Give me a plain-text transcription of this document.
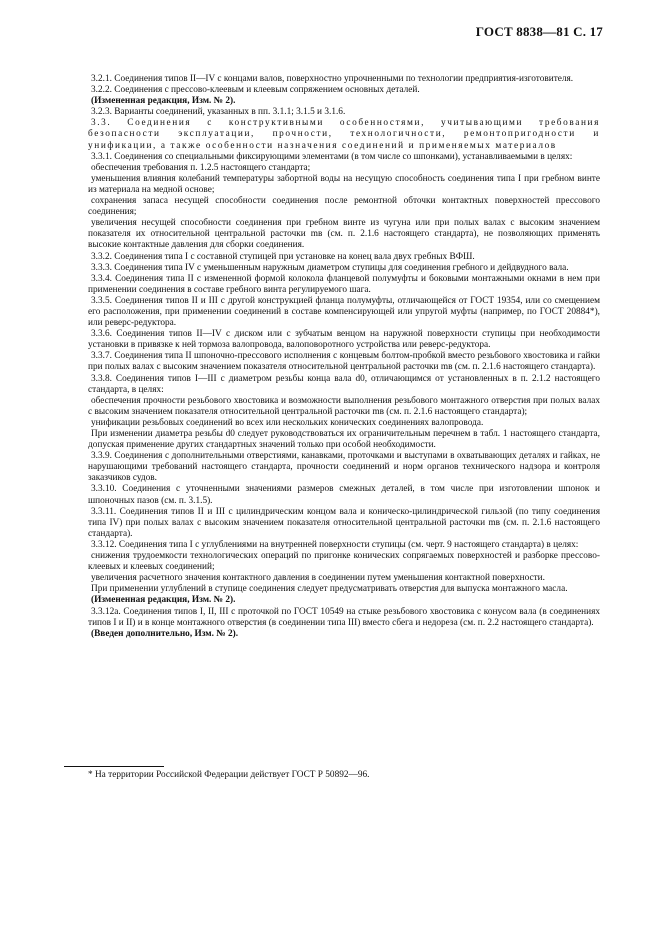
ГОСТ 8838—81 С. 17

3.2.1. Соединения типов II—IV с концами валов, поверхностно упрочненными по технологии предприятия-изготовителя.

3.2.2. Соединения с прессово-клеевым и клеевым сопряжением основных деталей.

(Измененная редакция, Изм. № 2).

3.2.3. Варианты соединений, указанных в пп. 3.1.1; 3.1.5 и 3.1.6.

3.3. Соединения с конструктивными особенностями, учитывающими требования безопасности эксплуатации, прочности, технологичности, ремонтопригодности и унификации, а также особенности назначения соединений и применяемых материалов

3.3.1. Соединения со специальными фиксирующими элементами (в том числе со шпонками), устанавливаемыми в целях:

обеспечения требования п. 1.2.5 настоящего стандарта;

уменьшения влияния колебаний температуры забортной воды на несущую способность соединения типа I при гребном винте из материала на медной основе;

сохранения запаса несущей способности соединения после ремонтной обточки контактных поверхностей прессового соединения;

увеличения несущей способности соединения при гребном винте из чугуна или при полых валах с высоким значением показателя их относительной центральной расточки mв (см. п. 2.1.6 настоящего стандарта), не позволяющих применять высокие контактные давления для сборки соединения.

3.3.2. Соединения типа I с составной ступицей при установке на конец вала двух гребных ВФШ.

3.3.3. Соединения типа IV с уменьшенным наружным диаметром ступицы для соединения гребного и дейдвудного вала.

3.3.4. Соединения типа II с измененной формой колокола фланцевой полумуфты и боковыми монтажными окнами в нем при применении соединения в составе гребного винта регулируемого шага.

3.3.5. Соединения типов II и III с другой конструкцией фланца полумуфты, отличающейся от ГОСТ 19354, или со смещением его расположения, при применении соединений в составе компенсирующей или упругой муфты (например, по ГОСТ 20884*), или реверс-редуктора.

3.3.6. Соединения типов II—IV с диском или с зубчатым венцом на наружной поверхности ступицы при необходимости установки в привязке к ней тормоза валопровода, валоповоротного устройства или реверс-редуктора.

3.3.7. Соединения типа II шпоночно-прессового исполнения с концевым болтом-пробкой вместо резьбового хвостовика и гайки при полых валах с высоким значением показателя относительной центральной расточки mв (см. п. 2.1.6 настоящего стандарта).

3.3.8. Соединения типов I—III с диаметром резьбы конца вала d0, отличающимся от установленных в п. 2.1.2 настоящего стандарта, в целях:

обеспечения прочности резьбового хвостовика и возможности выполнения резьбового монтажного отверстия при полых валах с высоким значением показателя относительной центральной расточки mв (см. п. 2.1.6 настоящего стандарта);

унификации резьбовых соединений во всех или нескольких конических соединениях валопровода.

При изменении диаметра резьбы d0 следует руководствоваться их ограничительным перечнем в табл. 1 настоящего стандарта, допуская применение других стандартных значений только при особой необходимости.

3.3.9. Соединения с дополнительными отверстиями, канавками, проточками и выступами в охватывающих деталях и гайках, не нарушающими требований настоящего стандарта, прочности соединений и норм органов технического надзора и контроля заказчиков судов.

3.3.10. Соединения с уточненными значениями размеров смежных деталей, в том числе при изготовлении шпонок и шпоночных пазов (см. п. 3.1.5).

3.3.11. Соединения типов II и III с цилиндрическим концом вала и коническо-цилиндрической гильзой (по типу соединения типа IV) при полых валах с высоким значением показателя относительной центральной расточки mв (см. п. 2.1.6 настоящего стандарта).

3.3.12. Соединения типа I с углублениями на внутренней поверхности ступицы (см. черт. 9 настоящего стандарта) в целях:

снижения трудоемкости технологических операций по пригонке конических сопрягаемых поверхностей и разборке прессово-клеевых и клеевых соединений;

увеличения расчетного значения контактного давления в соединении путем уменьшения контактной поверхности.

При применении углублений в ступице соединения следует предусматривать отверстия для выпуска монтажного масла.

(Измененная редакция, Изм. № 2).

3.3.12а. Соединения типов I, II, III с проточкой по ГОСТ 10549 на стыке резьбового хвостовика с конусом вала (в соединениях типов I и II) и в конце монтажного отверстия (в соединении типа III) вместо сбега и недореза (см. п. 2.2 настоящего стандарта).

(Введен дополнительно, Изм. № 2).

* На территории Российской Федерации действует ГОСТ Р 50892—96.
